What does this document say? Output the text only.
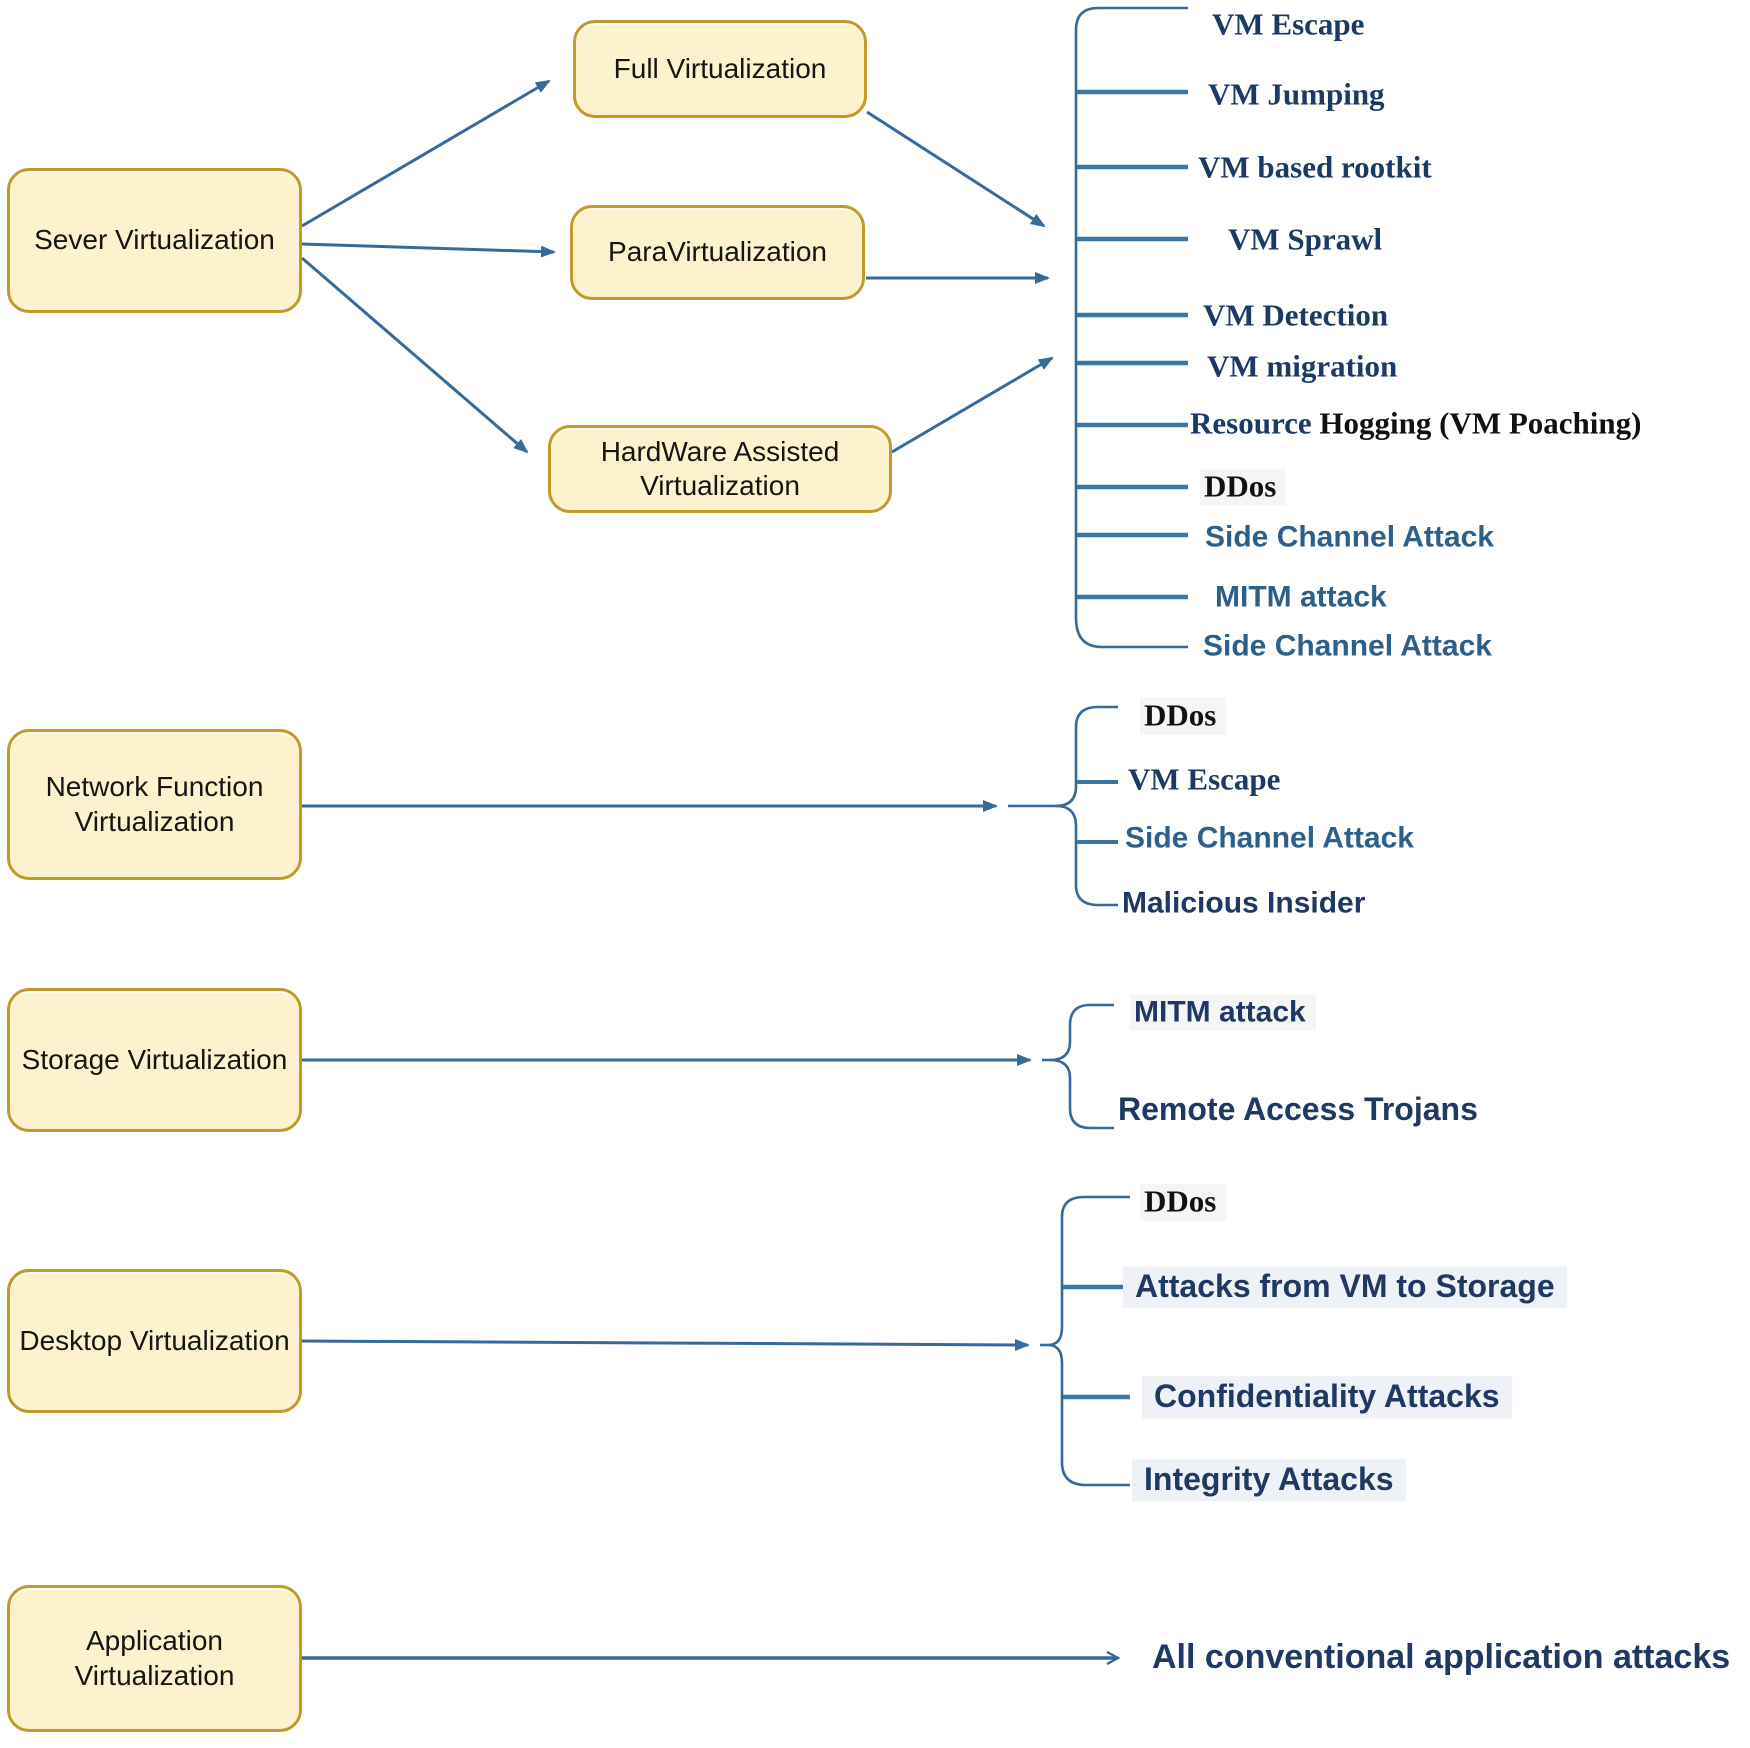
Sever Virtualization
Full Virtualization
ParaVirtualization
HardWare Assisted
Virtualization
Network Function
Virtualization
Storage Virtualization
Desktop Virtualization
Application
Virtualization
VM Escape
VM Jumping
VM based rootkit
VM Sprawl
VM Detection
VM migration
Resource Hogging (VM Poaching)
DDos
Side Channel Attack
MITM attack
Side Channel Attack
DDos
VM Escape
Side Channel Attack
Malicious Insider
MITM attack
Remote Access Trojans
DDos
Attacks from VM to Storage
Confidentiality Attacks
Integrity Attacks
All conventional application attacks
